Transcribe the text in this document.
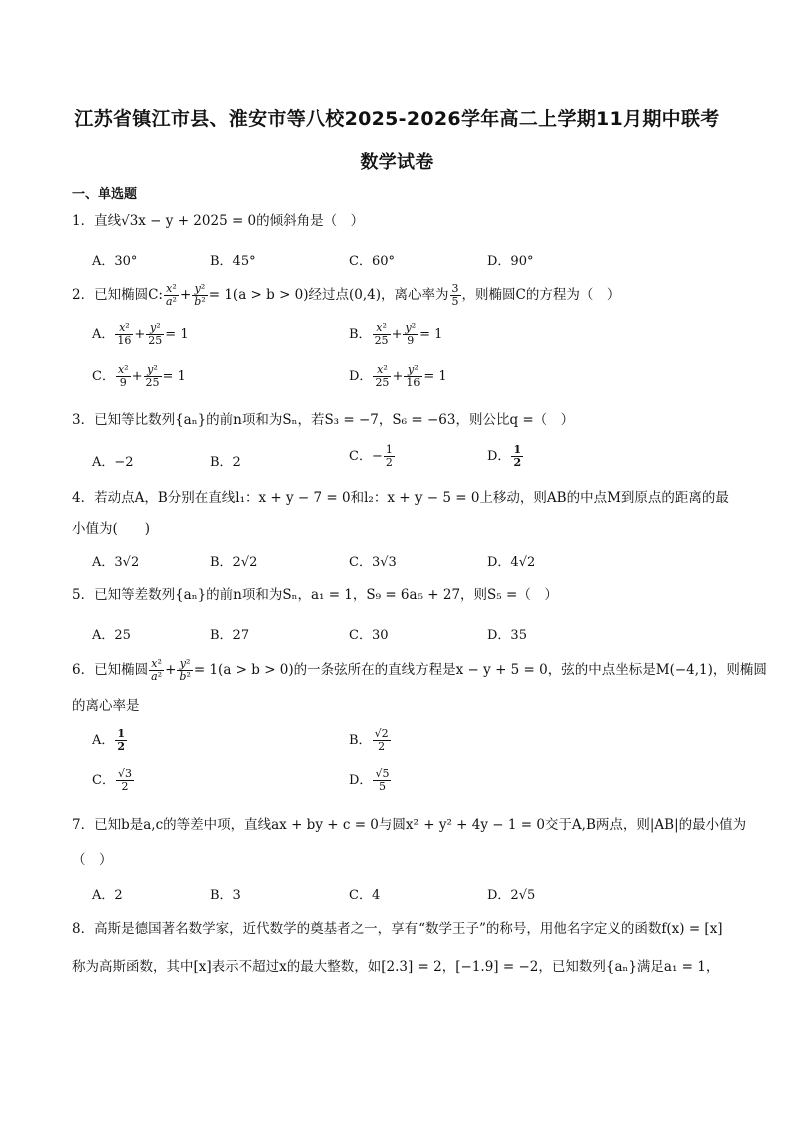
江苏省镇江市县、淮安市等八校2025-2026学年高二上学期11月期中联考
数学试卷
一、单选题
1．直线√3x − y + 2025 = 0的倾斜角是（　）
A．30°	B．45°	C．60°	D．90°
2．已知椭圆C: $\frac{\text{x²}}{\text{a²}} + \frac{\text{y²}}{\text{b²}} = 1(a > b > 0)$经过点(0,4)，离心率为 $\frac{3}{5}$ ，则椭圆C的方程为（　）
A． $\frac{\text{x²}}{16} + \frac{\text{y²}}{25} = 1$	B． $\frac{\text{x²}}{25} + \frac{\text{y²}}{9} = 1$
C． $\frac{\text{x²}}{9} + \frac{\text{y²}}{25} = 1$	D． $\frac{\text{x²}}{25} + \frac{\text{y²}}{16} = 1$
3．已知等比数列{aₙ}的前n项和为Sₙ，若S₃ = −7，S₆ = −63，则公比q =（　）
A．−2	B．2	C．− $\frac{1}{2}$	D． $\frac{1}{2}$
4．若动点A，B分别在直线l₁：x + y − 7 = 0和l₂：x + y − 5 = 0上移动，则AB的中点M到原点的距离的最
小值为(　　)
A．3√2	B．2√2	C．3√3	D．4√2
5．已知等差数列{aₙ}的前n项和为Sₙ，a₁ = 1，S₉ = 6a₅ + 27，则S₅ =（　）
A．25	B．27	C．30	D．35
6．已知椭圆 $\frac{\text{x²}}{\text{a²}} + \frac{\text{y²}}{\text{b²}} = 1(a > b > 0)$的一条弦所在的直线方程是x − y + 5 = 0，弦的中点坐标是M(−4,1)，则椭圆
的离心率是
A． $\frac{1}{2}$	B． $\frac{√2}{2}$
C． $\frac{√3}{2}$	D． $\frac{√5}{5}$
7．已知b是a,c的等差中项，直线ax + by + c = 0与圆x² + y² + 4y − 1 = 0交于A,B两点，则|AB|的最小值为
（　）
A．2	B．3	C．4	D．2√5
8．高斯是德国著名数学家，近代数学的奠基者之一，享有“数学王子”的称号，用他名字定义的函数f(x) = [x]
称为高斯函数，其中[x]表示不超过x的最大整数，如[2.3] = 2，[−1.9] = −2，已知数列{aₙ}满足a₁ = 1，
